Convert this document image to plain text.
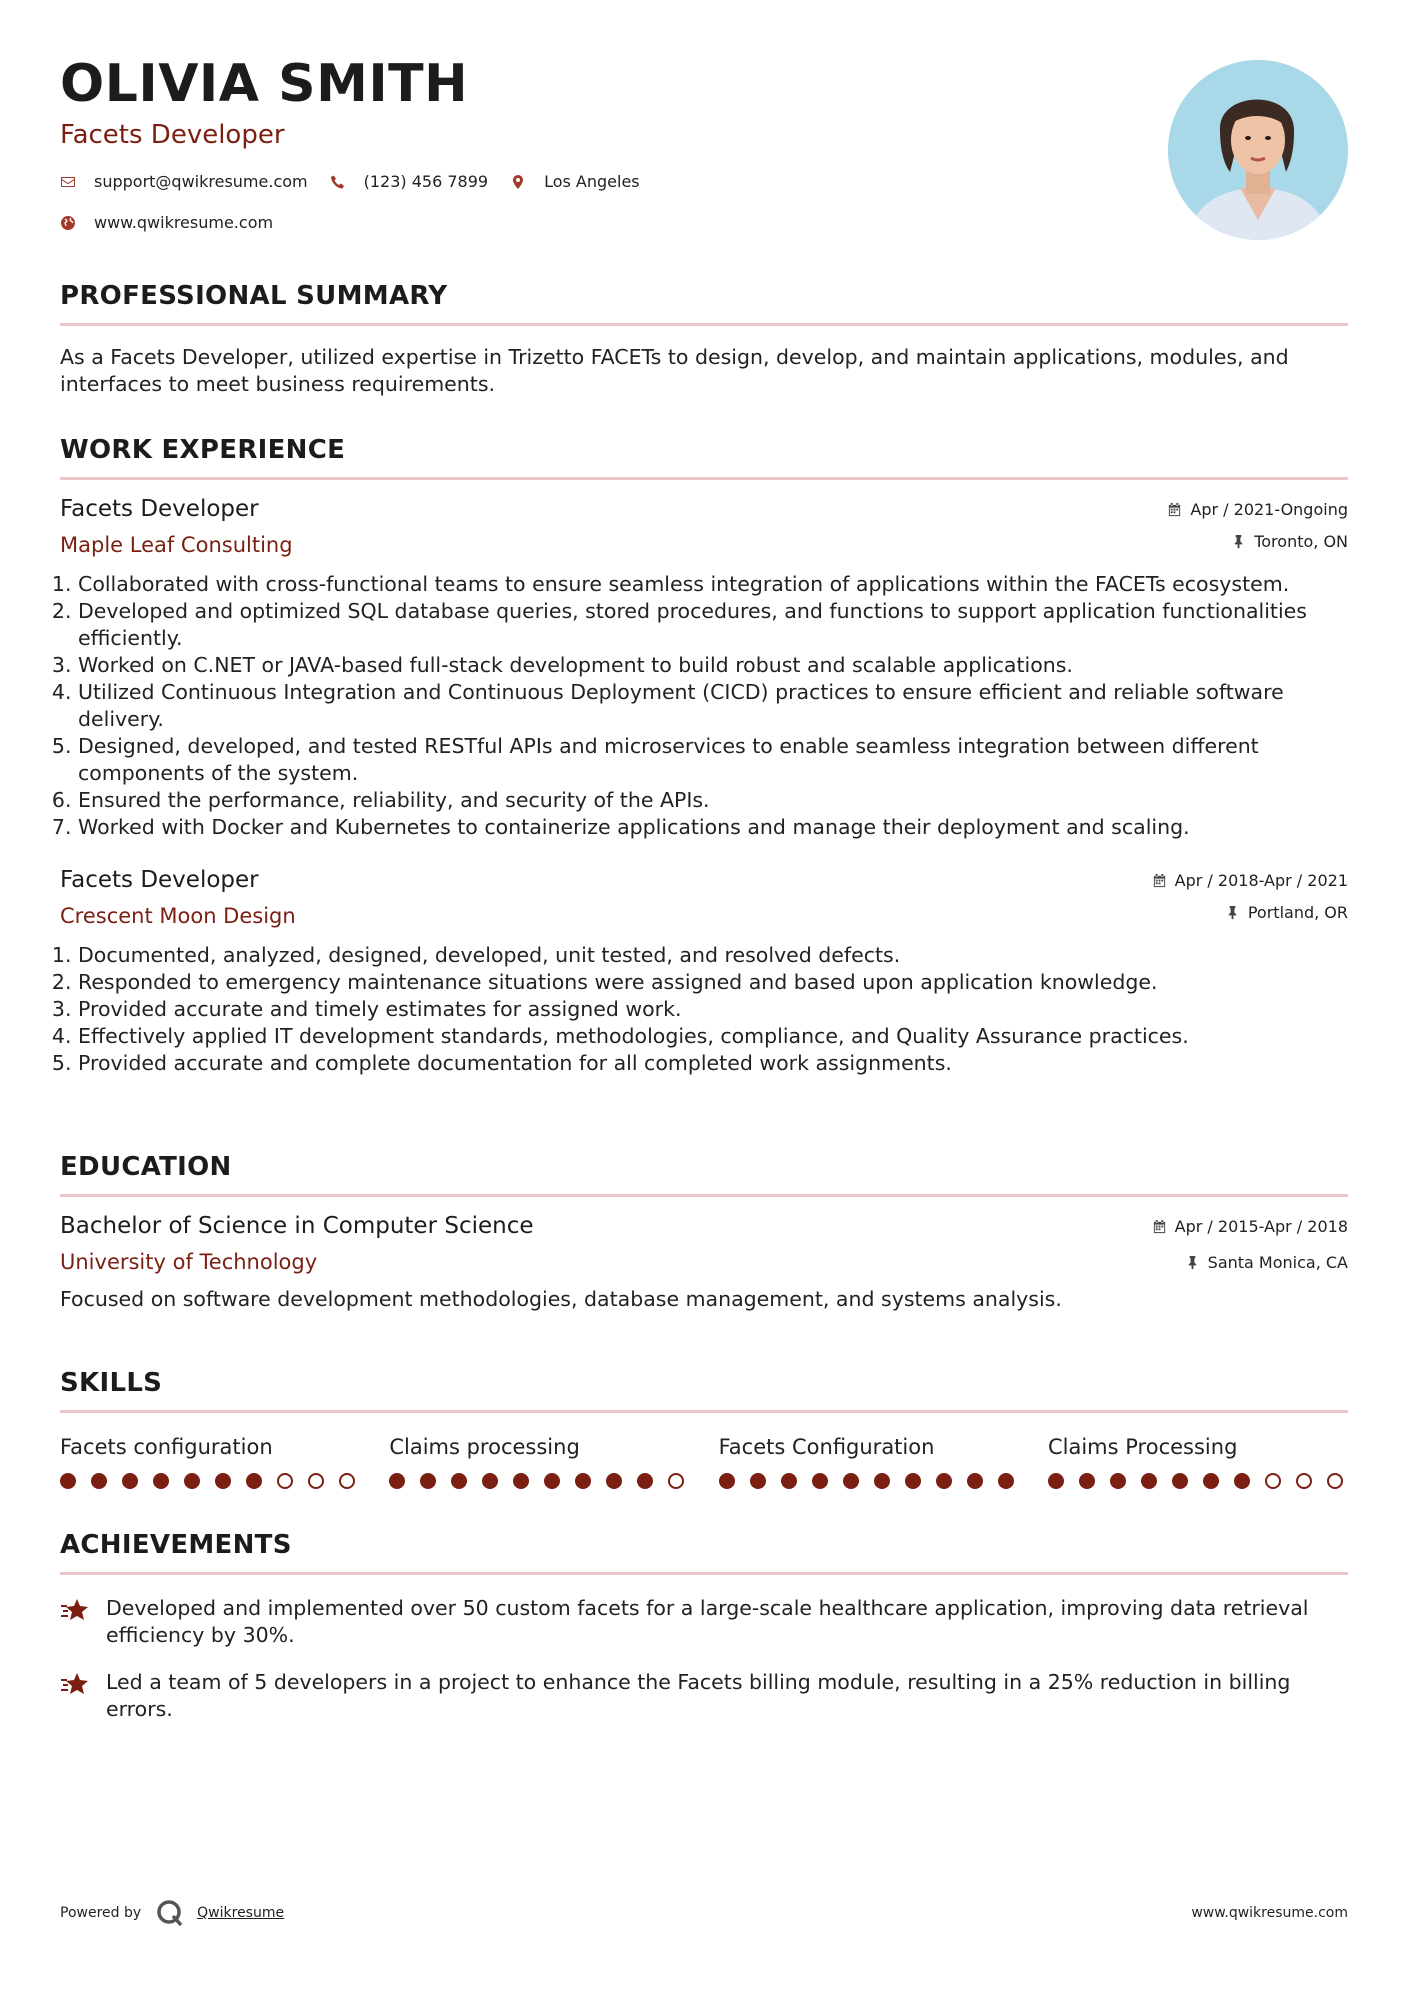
OLIVIA SMITH
Facets Developer
support@qwikresume.com	(123) 456 7899	Los Angeles
www.qwikresume.com
PROFESSIONAL SUMMARY
As a Facets Developer, utilized expertise in Trizetto FACETs to design, develop, and maintain applications, modules, and interfaces to meet business requirements.
WORK EXPERIENCE
Facets Developer
Maple Leaf Consulting
Apr / 2021-Ongoing
Toronto, ON
1. Collaborated with cross-functional teams to ensure seamless integration of applications within the FACETs ecosystem.
2. Developed and optimized SQL database queries, stored procedures, and functions to support application functionalities efficiently.
3. Worked on C.NET or JAVA-based full-stack development to build robust and scalable applications.
4. Utilized Continuous Integration and Continuous Deployment (CICD) practices to ensure efficient and reliable software delivery.
5. Designed, developed, and tested RESTful APIs and microservices to enable seamless integration between different components of the system.
6. Ensured the performance, reliability, and security of the APIs.
7. Worked with Docker and Kubernetes to containerize applications and manage their deployment and scaling.
Facets Developer
Crescent Moon Design
Apr / 2018-Apr / 2021
Portland, OR
1. Documented, analyzed, designed, developed, unit tested, and resolved defects.
2. Responded to emergency maintenance situations were assigned and based upon application knowledge.
3. Provided accurate and timely estimates for assigned work.
4. Effectively applied IT development standards, methodologies, compliance, and Quality Assurance practices.
5. Provided accurate and complete documentation for all completed work assignments.
EDUCATION
Bachelor of Science in Computer Science
University of Technology
Apr / 2015-Apr / 2018
Santa Monica, CA
Focused on software development methodologies, database management, and systems analysis.
SKILLS
Facets configuration	Claims processing	Facets Configuration	Claims Processing
ACHIEVEMENTS
Developed and implemented over 50 custom facets for a large-scale healthcare application, improving data retrieval efficiency by 30%.
Led a team of 5 developers in a project to enhance the Facets billing module, resulting in a 25% reduction in billing errors.
Powered by	Qwikresume	www.qwikresume.com
